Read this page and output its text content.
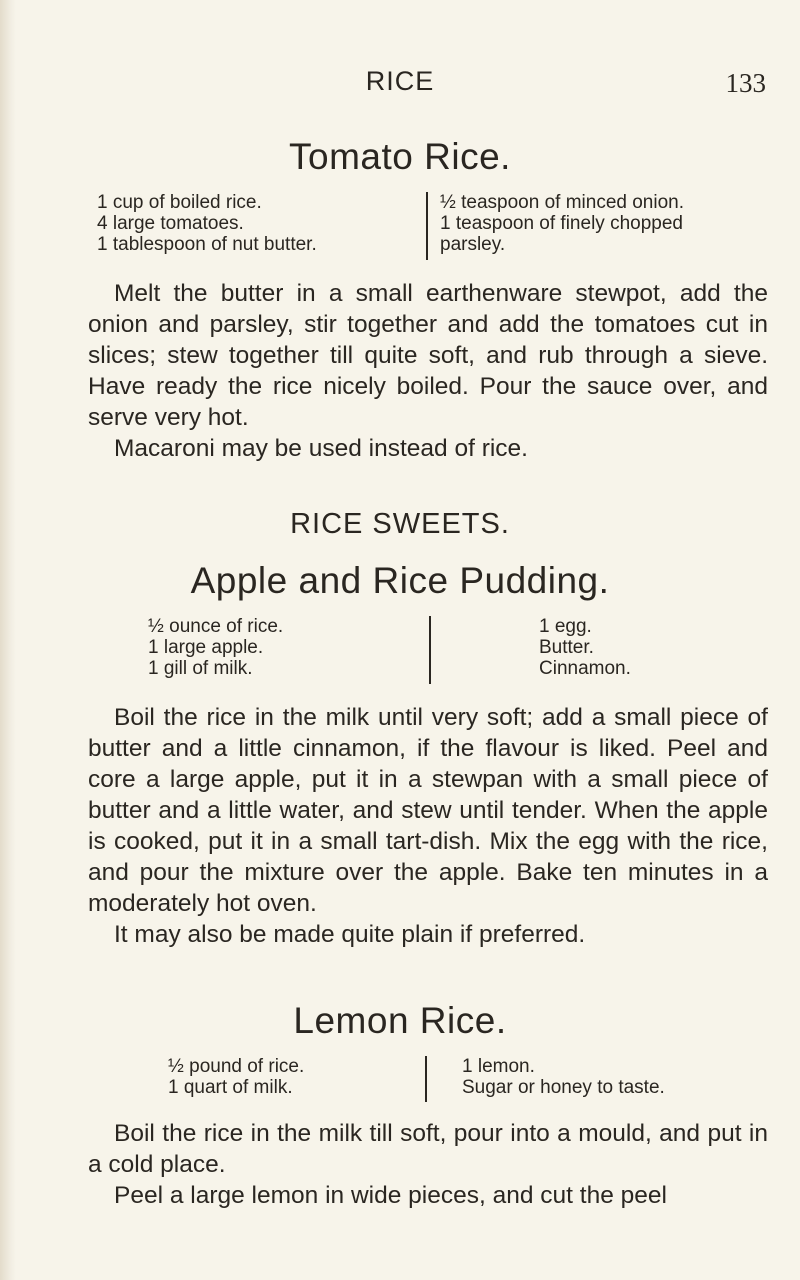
RICE	133
Tomato Rice.
1 cup of boiled rice.
4 large tomatoes.
1 tablespoon of nut butter.
½ teaspoon of minced onion.
1 teaspoon of finely chopped
parsley.

Melt the butter in a small earthenware stewpot, add the onion and parsley, stir together and add the tomatoes cut in slices; stew together till quite soft, and rub through a sieve. Have ready the rice nicely boiled. Pour the sauce over, and serve very hot.

Macaroni may be used instead of rice.

RICE SWEETS.
Apple and Rice Pudding.
½ ounce of rice.
1 large apple.
1 gill of milk.
1 egg.
Butter.
Cinnamon.

Boil the rice in the milk until very soft; add a small piece of butter and a little cinnamon, if the flavour is liked. Peel and core a large apple, put it in a stewpan with a small piece of butter and a little water, and stew until tender. When the apple is cooked, put it in a small tart-dish. Mix the egg with the rice, and pour the mixture over the apple. Bake ten minutes in a moderately hot oven.

It may also be made quite plain if preferred.

Lemon Rice.
½ pound of rice.
1 quart of milk.
1 lemon.
Sugar or honey to taste.

Boil the rice in the milk till soft, pour into a mould, and put in a cold place.

Peel a large lemon in wide pieces, and cut the peel
